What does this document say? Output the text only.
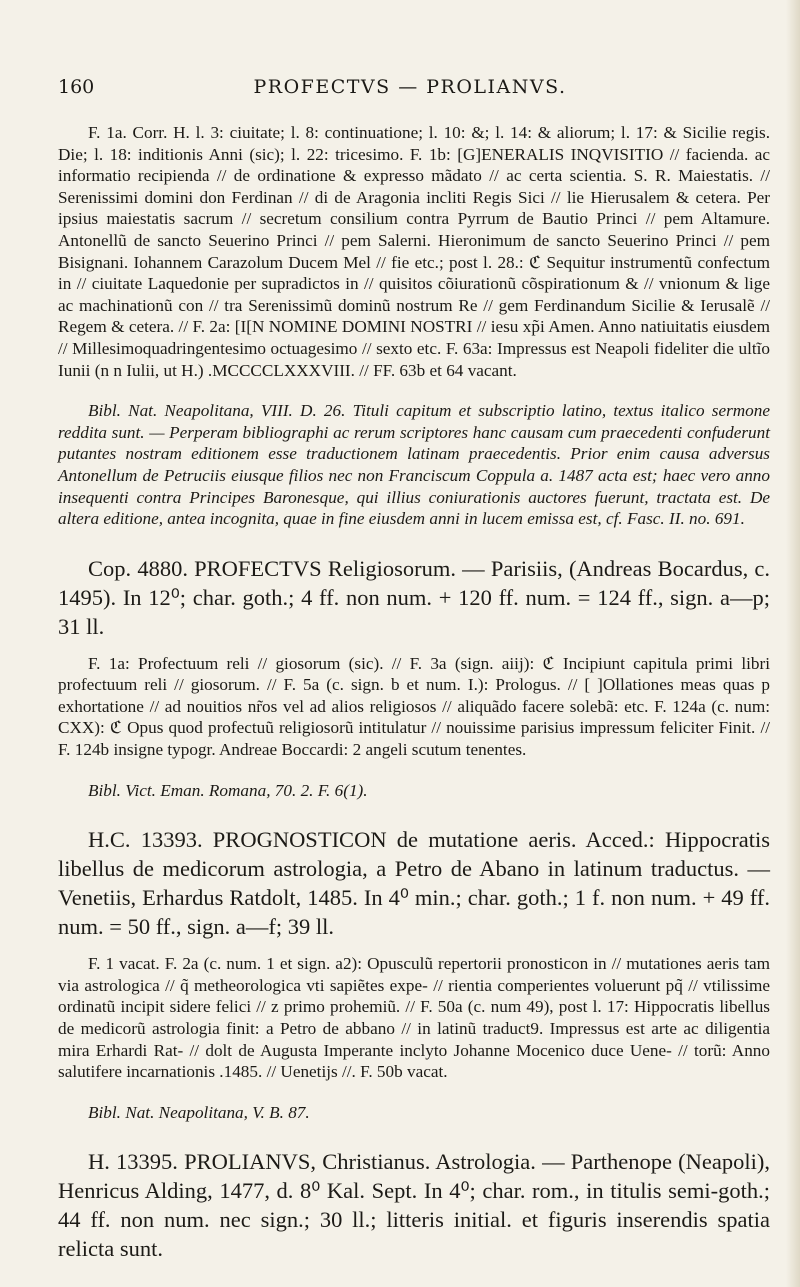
160	PROFECTVS — PROLIANVS.

F. 1a. Corr. H. l. 3: ciuitate; l. 8: continuatione; l. 10: &; l. 14: & aliorum; l. 17: & Sicilie regis. Die; l. 18: inditionis Anni (sic); l. 22: tricesimo. F. 1b: [G]ENERALIS INQVISITIO // facienda. ac informatio recipienda // de ordinatione & expresso mãdato // ac certa scientia. S. R. Maiestatis. // Serenissimi domini don Ferdinan // di de Aragonia incliti Regis Sici // lie Hierusalem & cetera. Per ipsius maiestatis sacrum // secretum consilium contra Pyrrum de Bautio Princi // pem Altamure. Antonellũ de sancto Seuerino Princi // pem Salerni. Hieronimum de sancto Seuerino Princi // pem Bisignani. Iohannem Carazolum Ducem Mel // fie etc.; post l. 28.: ℭ Sequitur instrumentũ confectum in // ciuitate Laquedonie per supradictos in // quisitos cõiurationũ cõspirationum & // vnionum & lige ac machinationũ con // tra Serenissimũ dominũ nostrum Re // gem Ferdinandum Sicilie & Ierusalẽ // Regem & cetera. // F. 2a: [I[N NOMINE DOMINI NOSTRI // iesu xp̃i Amen. Anno natiuitatis eiusdem // Millesimoquadringentesimo octuagesimo // sexto etc. F. 63a: Impressus est Neapoli fideliter die ultĩo Iunii (n n Iulii, ut H.) .MCCCCLXXXVIII. // FF. 63b et 64 vacant.

Bibl. Nat. Neapolitana, VIII. D. 26. Tituli capitum et subscriptio latino, textus italico sermone reddita sunt. — Perperam bibliographi ac rerum scriptores hanc causam cum praecedenti confuderunt putantes nostram editionem esse traductionem latinam praecedentis. Prior enim causa adversus Antonellum de Petruciis eiusque filios nec non Franciscum Coppula a. 1487 acta est; haec vero anno insequenti contra Principes Baronesque, qui illius coniurationis auctores fuerunt, tractata est. De altera editione, antea incognita, quae in fine eiusdem anni in lucem emissa est, cf. Fasc. II. no. 691.

Cop. 4880. PROFECTVS Religiosorum. — Parisiis, (Andreas Bocardus, c. 1495). In 12⁰; char. goth.; 4 ff. non num. + 120 ff. num. = 124 ff., sign. a—p; 31 ll.

F. 1a: Profectuum reli // giosorum (sic). // F. 3a (sign. aiij): ℭ Incipiunt capitula primi libri profectuum reli // giosorum. // F. 5a (c. sign. b et num. I.): Prologus. // [ ]Ollationes meas quas p exhortatione // ad nouitios nr̃os vel ad alios religiosos // aliquãdo facere solebã: etc. F. 124a (c. num: CXX): ℭ Opus quod profectuũ religiosorũ intitulatur // nouissime parisius impressum feliciter Finit. // F. 124b insigne typogr. Andreae Boccardi: 2 angeli scutum tenentes.

Bibl. Vict. Eman. Romana, 70. 2. F. 6(1).

H.C. 13393. PROGNOSTICON de mutatione aeris. Acced.: Hippocratis libellus de medicorum astrologia, a Petro de Abano in latinum traductus. — Venetiis, Erhardus Ratdolt, 1485. In 4⁰ min.; char. goth.; 1 f. non num. + 49 ff. num. = 50 ff., sign. a—f; 39 ll.

F. 1 vacat. F. 2a (c. num. 1 et sign. a2): Opusculũ repertorii pronosticon in // mutationes aeris tam via astrologica // q̃ metheorologica vti sapiẽtes expe- // rientia comperientes voluerunt pq̃ // vtilissime ordinatũ incipit sidere felici // z primo prohemiũ. // F. 50a (c. num 49), post l. 17: Hippocratis libellus de medicorũ astrologia finit: a Petro de abbano // in latinũ traduct9. Impressus est arte ac diligentia mira Erhardi Rat- // dolt de Augusta Imperante inclyto Johanne Mocenico duce Uene- // torũ: Anno salutifere incarnationis .1485. // Uenetijs //. F. 50b vacat.

Bibl. Nat. Neapolitana, V. B. 87.

H. 13395. PROLIANVS, Christianus. Astrologia. — Parthenope (Neapoli), Henricus Alding, 1477, d. 8⁰ Kal. Sept. In 4⁰; char. rom., in titulis semi-goth.; 44 ff. non num. nec sign.; 30 ll.; litteris initial. et figuris inserendis spatia relicta sunt.
